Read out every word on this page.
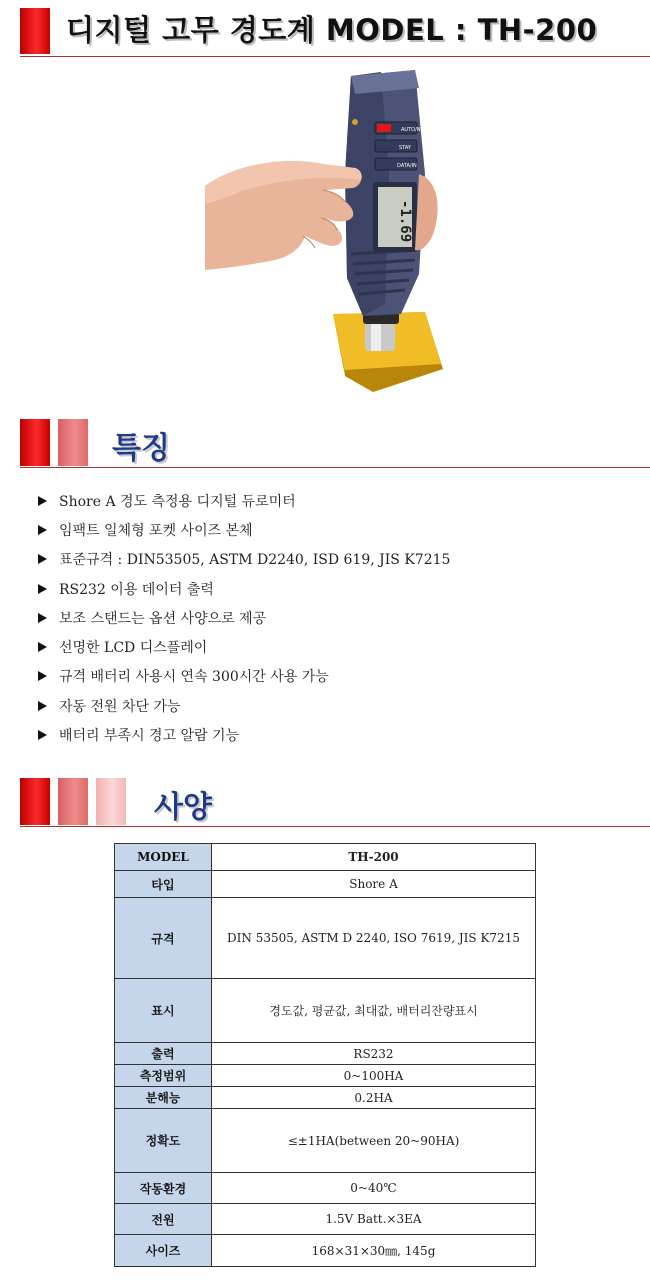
디지털 고무 경도계 MODEL : TH-200
AUTO/NO
STAY
DATA/IN
-1.69
특징
Shore A 경도 측정용 디지털 듀로미터
임팩트 일체형 포켓 사이즈 본체
표준규격 : DIN53505, ASTM D2240, ISD 619, JIS K7215
RS232 이용 데이터 출력
보조 스탠드는 옵션 사양으로 제공
선명한 LCD 디스플레이
규격 배터리 사용시 연속 300시간 사용 가능
자동 전원 차단 가능
배터리 부족시 경고 알람 기능
사양
MODEL	TH-200
타입	Shore A
규격	DIN 53505, ASTM D 2240, ISO 7619, JIS K7215
표시	경도값, 평균값, 최대값, 배터리잔량표시
출력	RS232
측정범위	0~100HA
분해능	0.2HA
정확도	≤±1HA(between 20~90HA)
작동환경	0~40℃
전원	1.5V Batt.×3EA
사이즈	168×31×30㎜, 145g
